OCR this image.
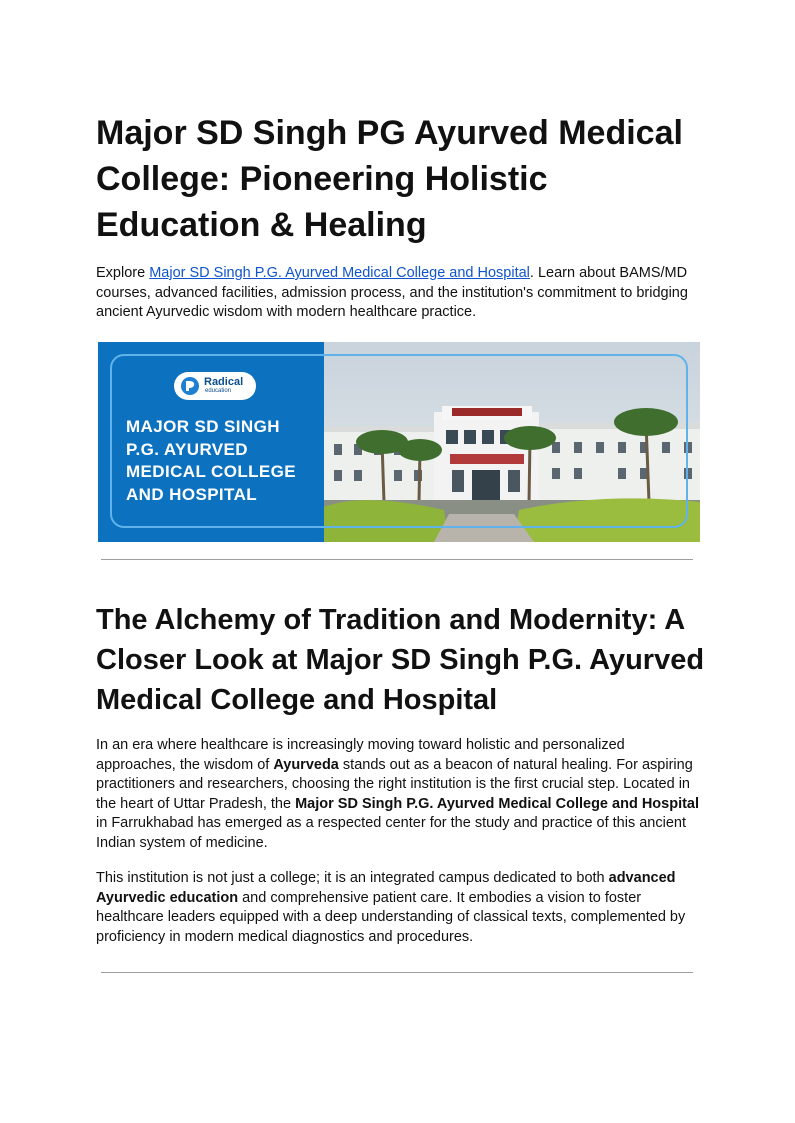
Major SD Singh PG Ayurved Medical College: Pioneering Holistic Education & Healing

Explore Major SD Singh P.G. Ayurved Medical College and Hospital. Learn about BAMS/MD courses, advanced facilities, admission process, and the institution's commitment to bridging ancient Ayurvedic wisdom with modern healthcare practice.

Radical
education
MAJOR SD SINGH
P.G. AYURVED
MEDICAL COLLEGE
AND HOSPITAL
The Alchemy of Tradition and Modernity: A Closer Look at Major SD Singh P.G. Ayurved Medical College and Hospital

In an era where healthcare is increasingly moving toward holistic and personalized approaches, the wisdom of Ayurveda stands out as a beacon of natural healing. For aspiring practitioners and researchers, choosing the right institution is the first crucial step. Located in the heart of Uttar Pradesh, the Major SD Singh P.G. Ayurved Medical College and Hospital in Farrukhabad has emerged as a respected center for the study and practice of this ancient Indian system of medicine.

This institution is not just a college; it is an integrated campus dedicated to both advanced Ayurvedic education and comprehensive patient care. It embodies a vision to foster healthcare leaders equipped with a deep understanding of classical texts, complemented by proficiency in modern medical diagnostics and procedures.
